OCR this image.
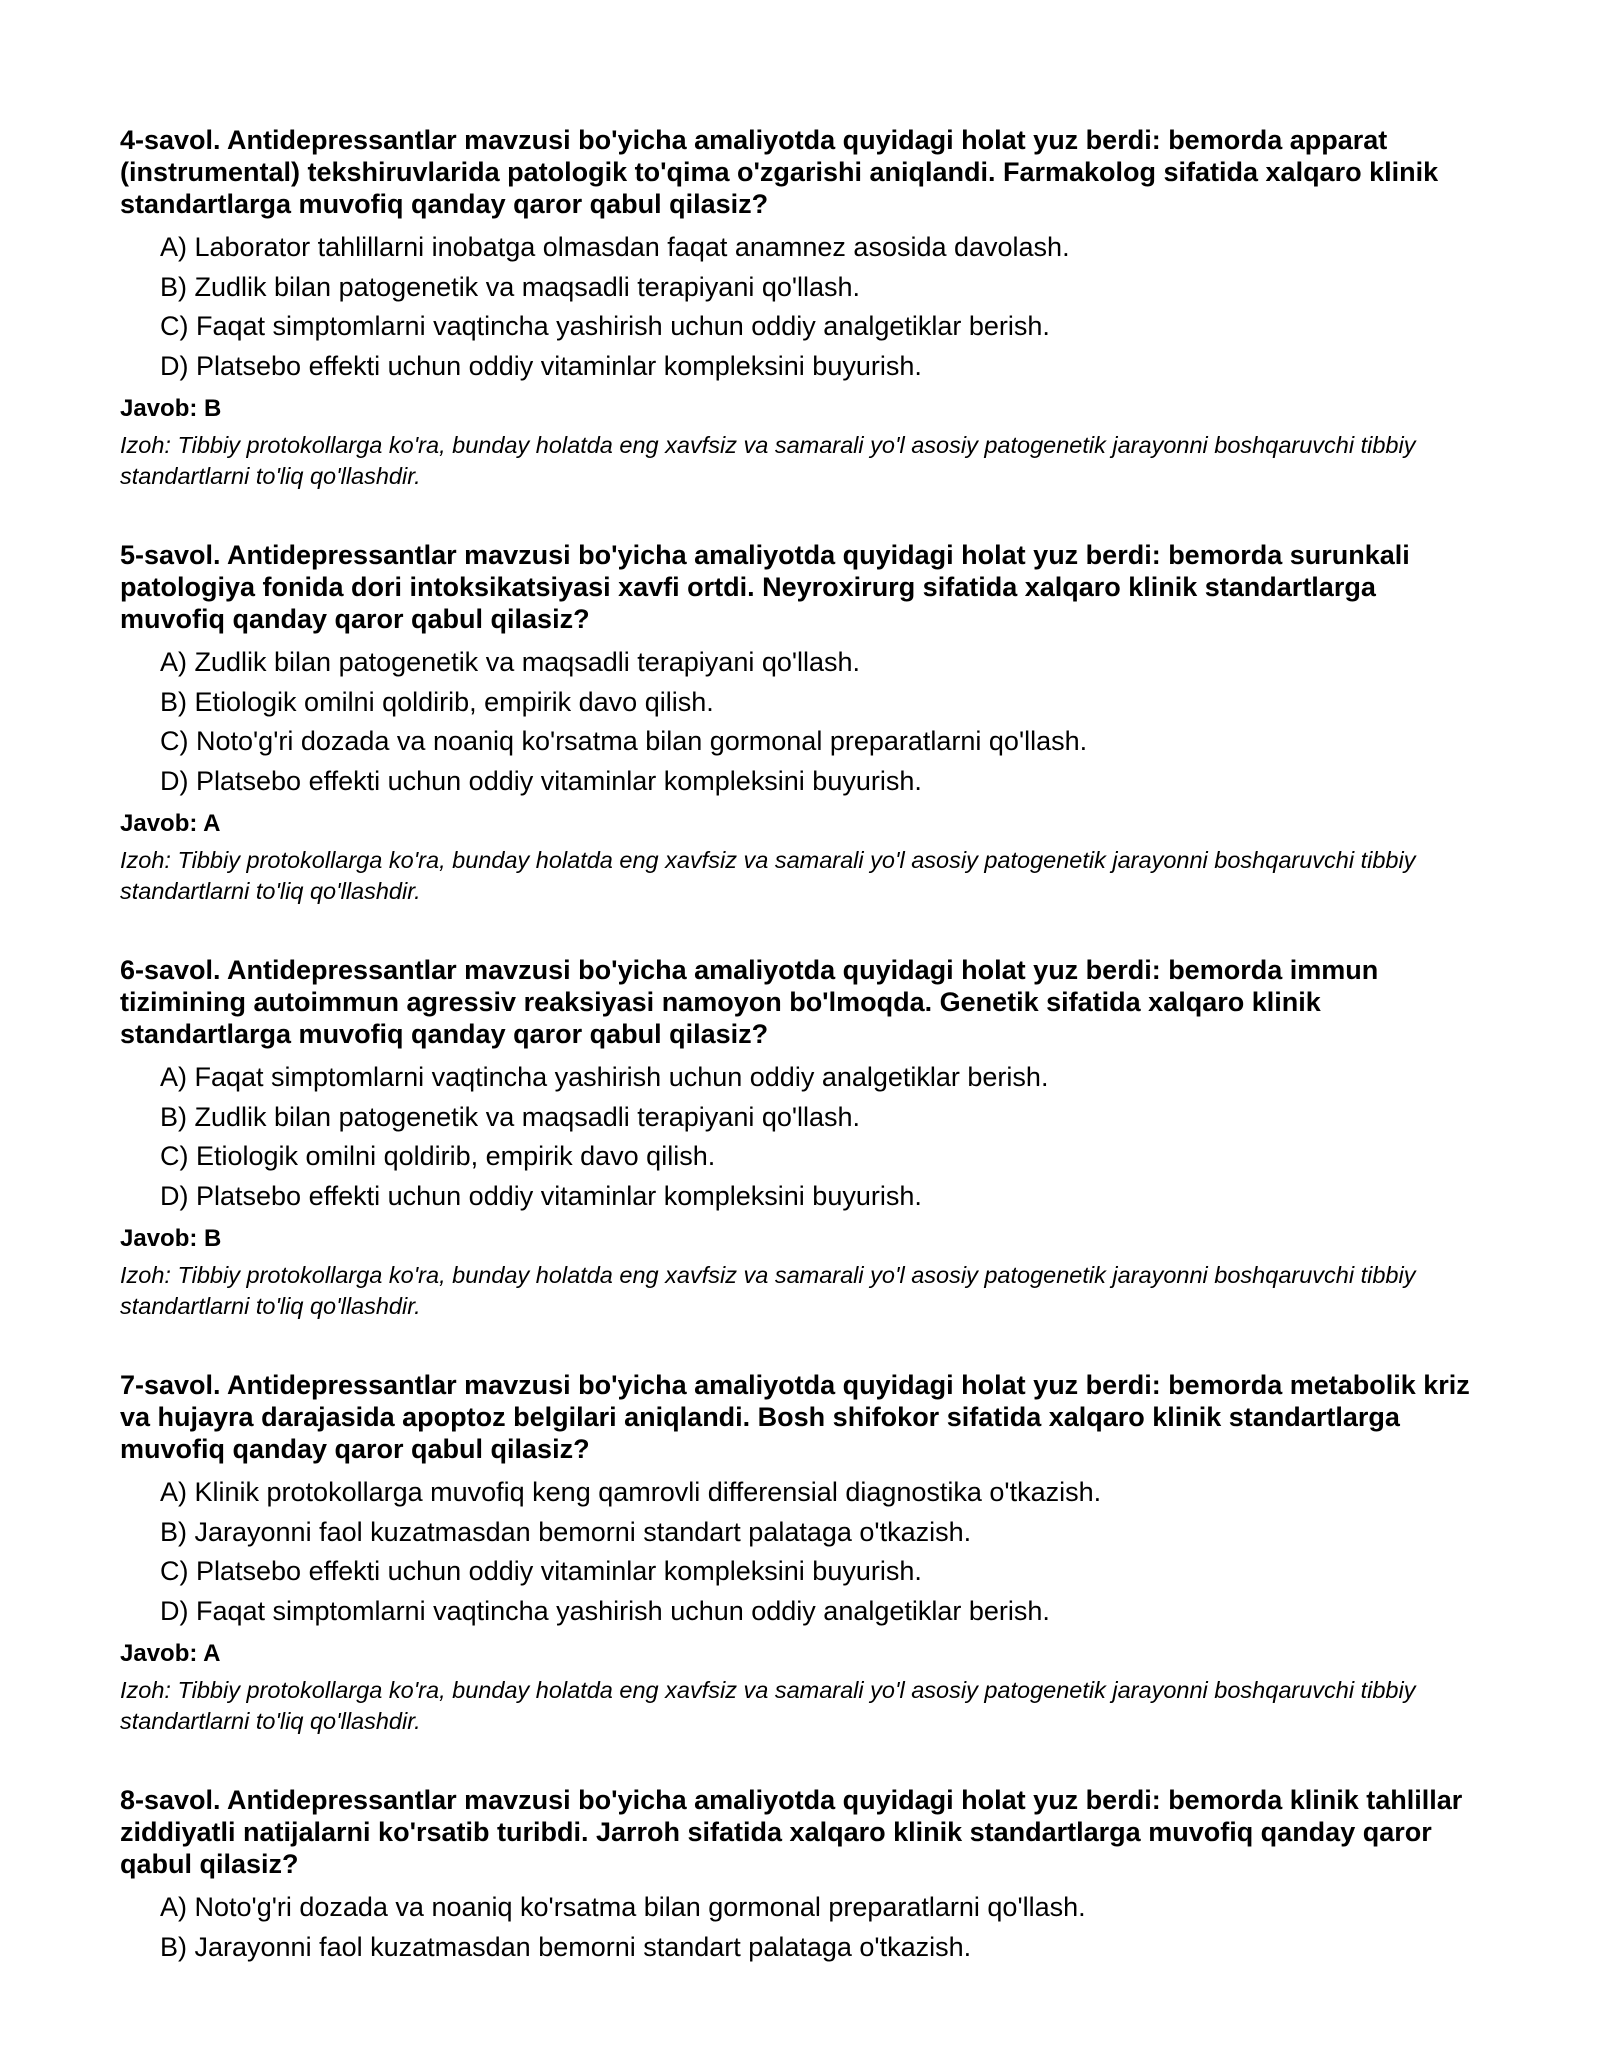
4-savol. Antidepressantlar mavzusi bo'yicha amaliyotda quyidagi holat yuz berdi: bemorda apparat (instrumental) tekshiruvlarida patologik to'qima o'zgarishi aniqlandi. Farmakolog sifatida xalqaro klinik standartlarga muvofiq qanday qaror qabul qilasiz?

A) Laborator tahlillarni inobatga olmasdan faqat anamnez asosida davolash.
B) Zudlik bilan patogenetik va maqsadli terapiyani qo'llash.
C) Faqat simptomlarni vaqtincha yashirish uchun oddiy analgetiklar berish.
D) Platsebo effekti uchun oddiy vitaminlar kompleksini buyurish.

Javob: B

Izoh: Tibbiy protokollarga ko'ra, bunday holatda eng xavfsiz va samarali yo'l asosiy patogenetik jarayonni boshqaruvchi tibbiy standartlarni to'liq qo'llashdir.

5-savol. Antidepressantlar mavzusi bo'yicha amaliyotda quyidagi holat yuz berdi: bemorda surunkali patologiya fonida dori intoksikatsiyasi xavfi ortdi. Neyroxirurg sifatida xalqaro klinik standartlarga muvofiq qanday qaror qabul qilasiz?

A) Zudlik bilan patogenetik va maqsadli terapiyani qo'llash.
B) Etiologik omilni qoldirib, empirik davo qilish.
C) Noto'g'ri dozada va noaniq ko'rsatma bilan gormonal preparatlarni qo'llash.
D) Platsebo effekti uchun oddiy vitaminlar kompleksini buyurish.

Javob: A

Izoh: Tibbiy protokollarga ko'ra, bunday holatda eng xavfsiz va samarali yo'l asosiy patogenetik jarayonni boshqaruvchi tibbiy standartlarni to'liq qo'llashdir.

6-savol. Antidepressantlar mavzusi bo'yicha amaliyotda quyidagi holat yuz berdi: bemorda immun tizimining autoimmun agressiv reaksiyasi namoyon bo'lmoqda. Genetik sifatida xalqaro klinik standartlarga muvofiq qanday qaror qabul qilasiz?

A) Faqat simptomlarni vaqtincha yashirish uchun oddiy analgetiklar berish.
B) Zudlik bilan patogenetik va maqsadli terapiyani qo'llash.
C) Etiologik omilni qoldirib, empirik davo qilish.
D) Platsebo effekti uchun oddiy vitaminlar kompleksini buyurish.

Javob: B

Izoh: Tibbiy protokollarga ko'ra, bunday holatda eng xavfsiz va samarali yo'l asosiy patogenetik jarayonni boshqaruvchi tibbiy standartlarni to'liq qo'llashdir.

7-savol. Antidepressantlar mavzusi bo'yicha amaliyotda quyidagi holat yuz berdi: bemorda metabolik kriz va hujayra darajasida apoptoz belgilari aniqlandi. Bosh shifokor sifatida xalqaro klinik standartlarga muvofiq qanday qaror qabul qilasiz?

A) Klinik protokollarga muvofiq keng qamrovli differensial diagnostika o'tkazish.
B) Jarayonni faol kuzatmasdan bemorni standart palataga o'tkazish.
C) Platsebo effekti uchun oddiy vitaminlar kompleksini buyurish.
D) Faqat simptomlarni vaqtincha yashirish uchun oddiy analgetiklar berish.

Javob: A

Izoh: Tibbiy protokollarga ko'ra, bunday holatda eng xavfsiz va samarali yo'l asosiy patogenetik jarayonni boshqaruvchi tibbiy standartlarni to'liq qo'llashdir.

8-savol. Antidepressantlar mavzusi bo'yicha amaliyotda quyidagi holat yuz berdi: bemorda klinik tahlillar ziddiyatli natijalarni ko'rsatib turibdi. Jarroh sifatida xalqaro klinik standartlarga muvofiq qanday qaror qabul qilasiz?

A) Noto'g'ri dozada va noaniq ko'rsatma bilan gormonal preparatlarni qo'llash.
B) Jarayonni faol kuzatmasdan bemorni standart palataga o'tkazish.
